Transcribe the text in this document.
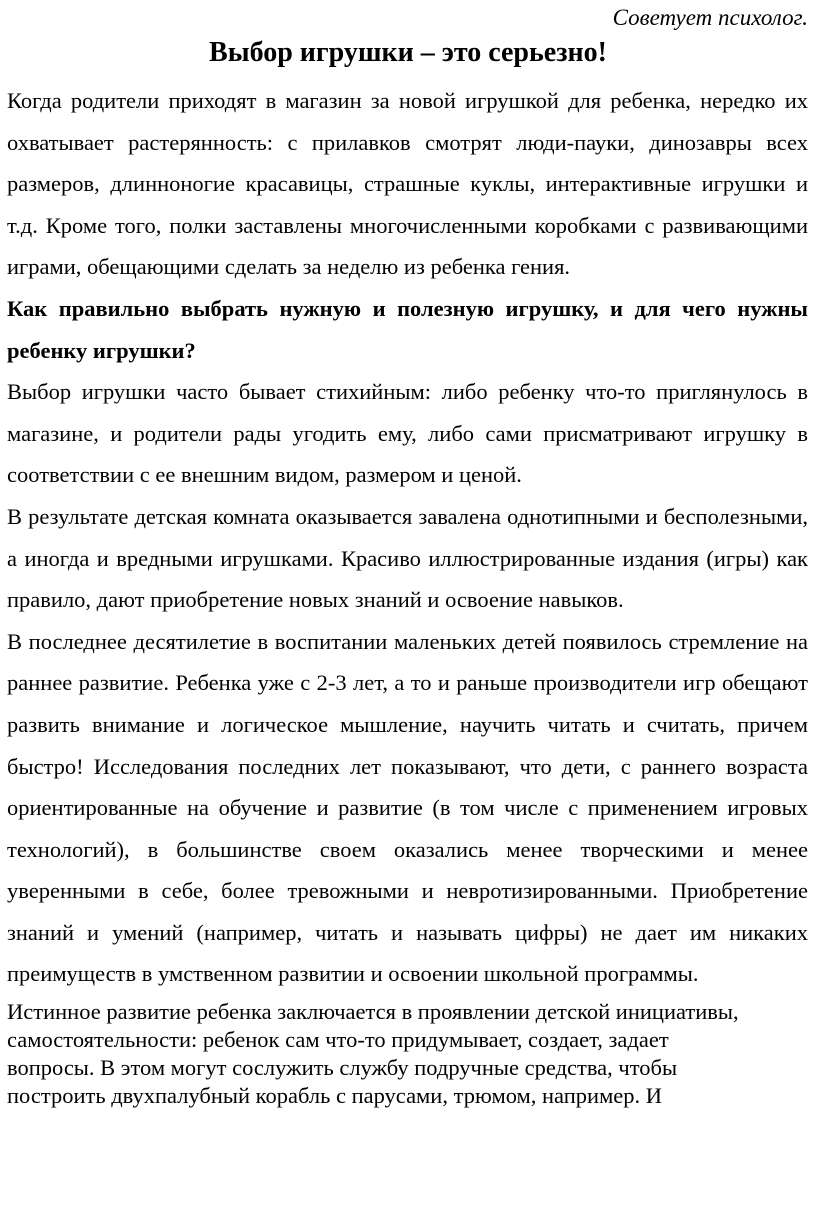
Советует психолог.

Выбор игрушки – это серьезно!

Когда родители приходят в магазин за новой игрушкой для ребенка, нередко их охватывает растерянность: с прилавков смотрят люди-пауки, динозавры всех размеров, длинноногие красавицы, страшные куклы, интерактивные игрушки и т.д. Кроме того, полки заставлены многочисленными коробками с развивающими играми, обещающими сделать за неделю из ребенка гения.

Как правильно выбрать нужную и полезную игрушку, и для чего нужны ребенку игрушки?

Выбор игрушки часто бывает стихийным: либо ребенку что-то приглянулось в магазине, и родители рады угодить ему, либо сами присматривают игрушку в соответствии с ее внешним видом, размером и ценой.

В результате детская комната оказывается завалена однотипными и бесполезными, а иногда и вредными игрушками. Красиво иллюстрированные издания (игры) как правило, дают приобретение новых знаний и освоение навыков.

В последнее десятилетие в воспитании маленьких детей появилось стремление на раннее развитие. Ребенка уже с 2-3 лет, а то и раньше производители игр обещают развить внимание и логическое мышление, научить читать и считать, причем быстро! Исследования последних лет показывают, что дети, с раннего возраста ориентированные на обучение и развитие (в том числе с применением игровых технологий), в большинстве своем оказались менее творческими и менее уверенными в себе, более тревожными и невротизированными. Приобретение знаний и умений (например, читать и называть цифры) не дает им никаких преимуществ в умственном развитии и освоении школьной программы.

Истинное развитие ребенка заключается в проявлении детской инициативы,
самостоятельности: ребенок сам что-то придумывает, создает, задает
вопросы. В этом могут сослужить службу подручные средства, чтобы
построить двухпалубный корабль с парусами, трюмом, например. И
